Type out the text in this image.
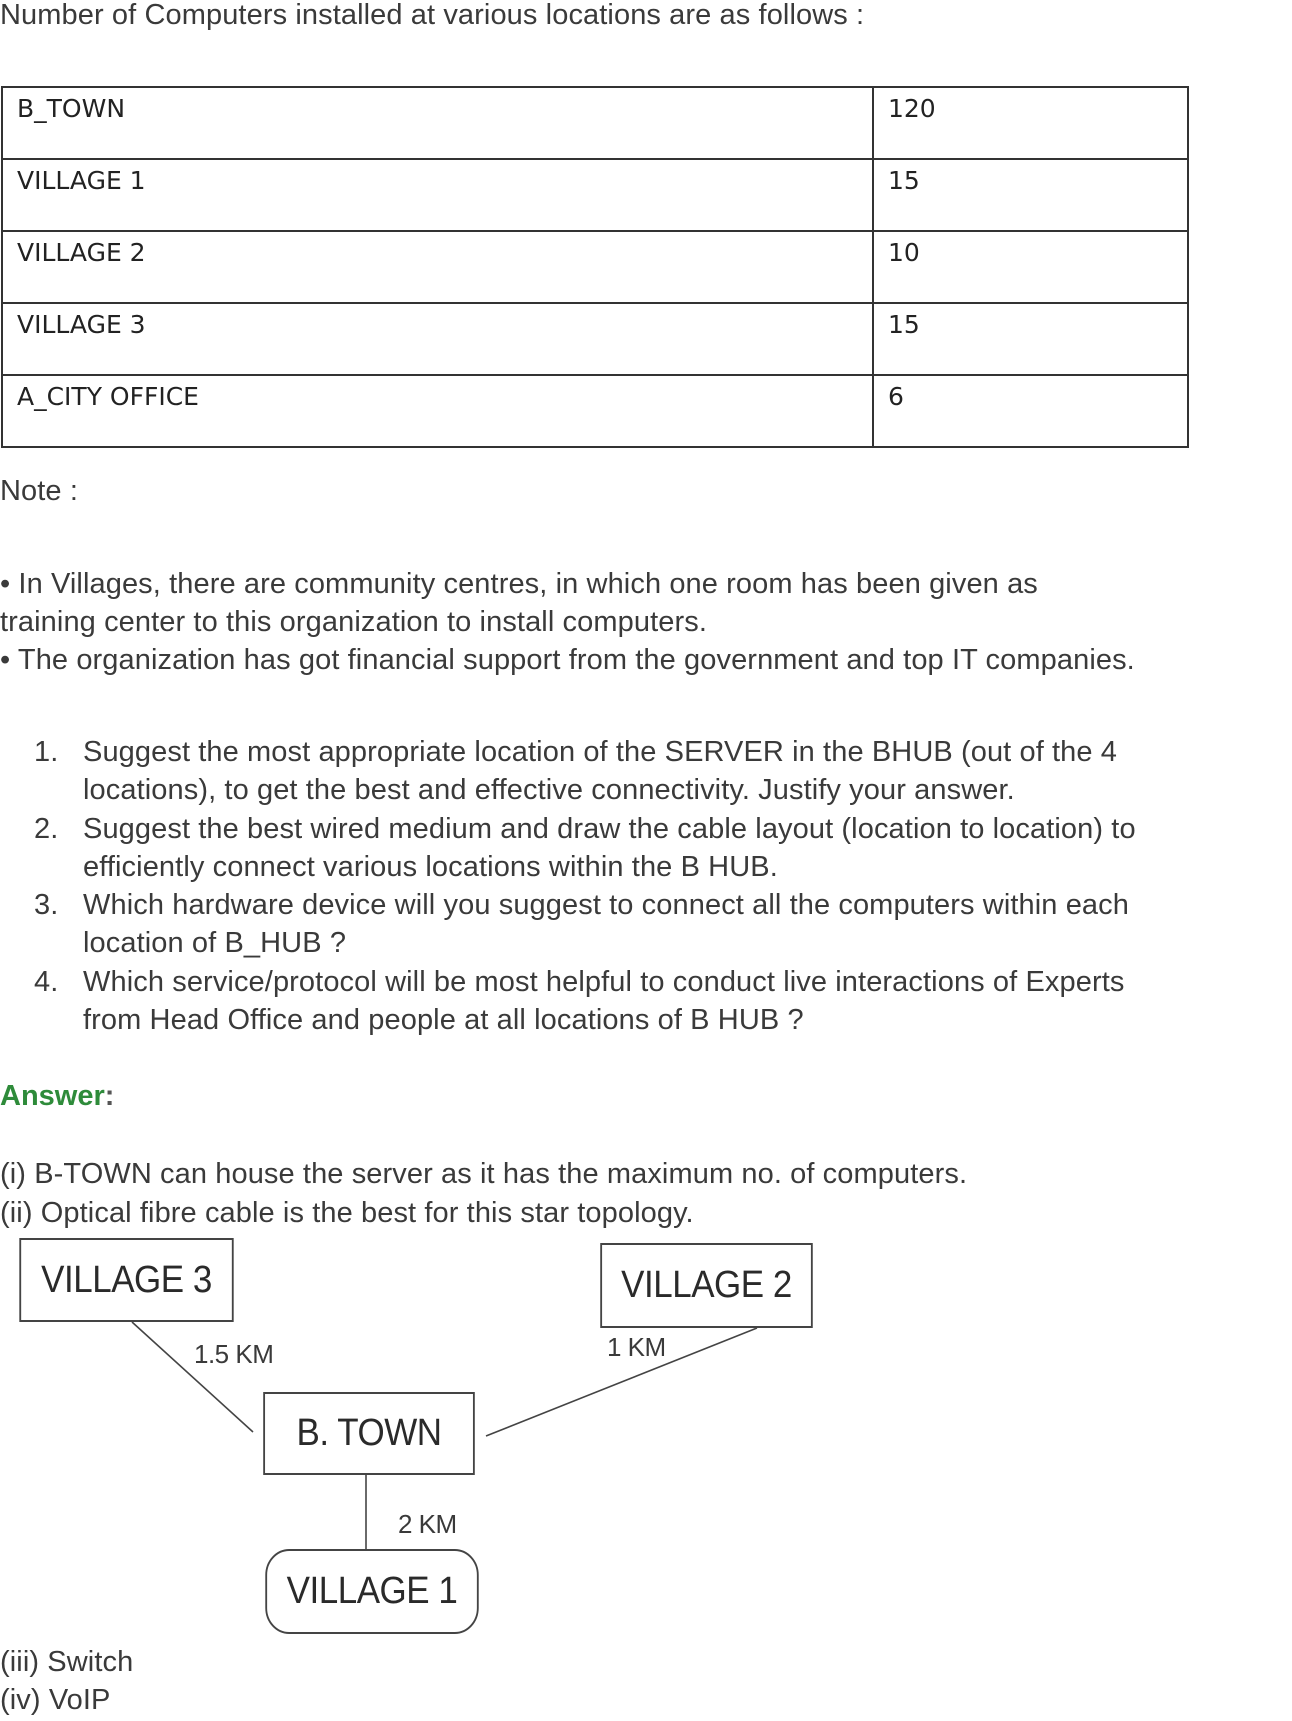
Number of Computers installed at various locations are as follows :
B_TOWN	120
VILLAGE 1	15
VILLAGE 2	10
VILLAGE 3	15
A_CITY OFFICE	6
Note :
• In Villages, there are community centres, in which one room has been given as
training center to this organization to install computers.
• The organization has got financial support from the government and top IT companies.
1. Suggest the most appropriate location of the SERVER in the BHUB (out of the 4
locations), to get the best and effective connectivity. Justify your answer.
2. Suggest the best wired medium and draw the cable layout (location to location) to
efficiently connect various locations within the B HUB.
3. Which hardware device will you suggest to connect all the computers within each
location of B_HUB ?
4. Which service/protocol will be most helpful to conduct live interactions of Experts
from Head Office and people at all locations of B HUB ?
Answer:
(i) B-TOWN can house the server as it has the maximum no. of computers.
(ii) Optical fibre cable is the best for this star topology.
VILLAGE 3	VILLAGE 2
B. TOWN
VILLAGE 1
1.5 KM	1 KM
2 KM
(iii) Switch
(iv) VoIP
